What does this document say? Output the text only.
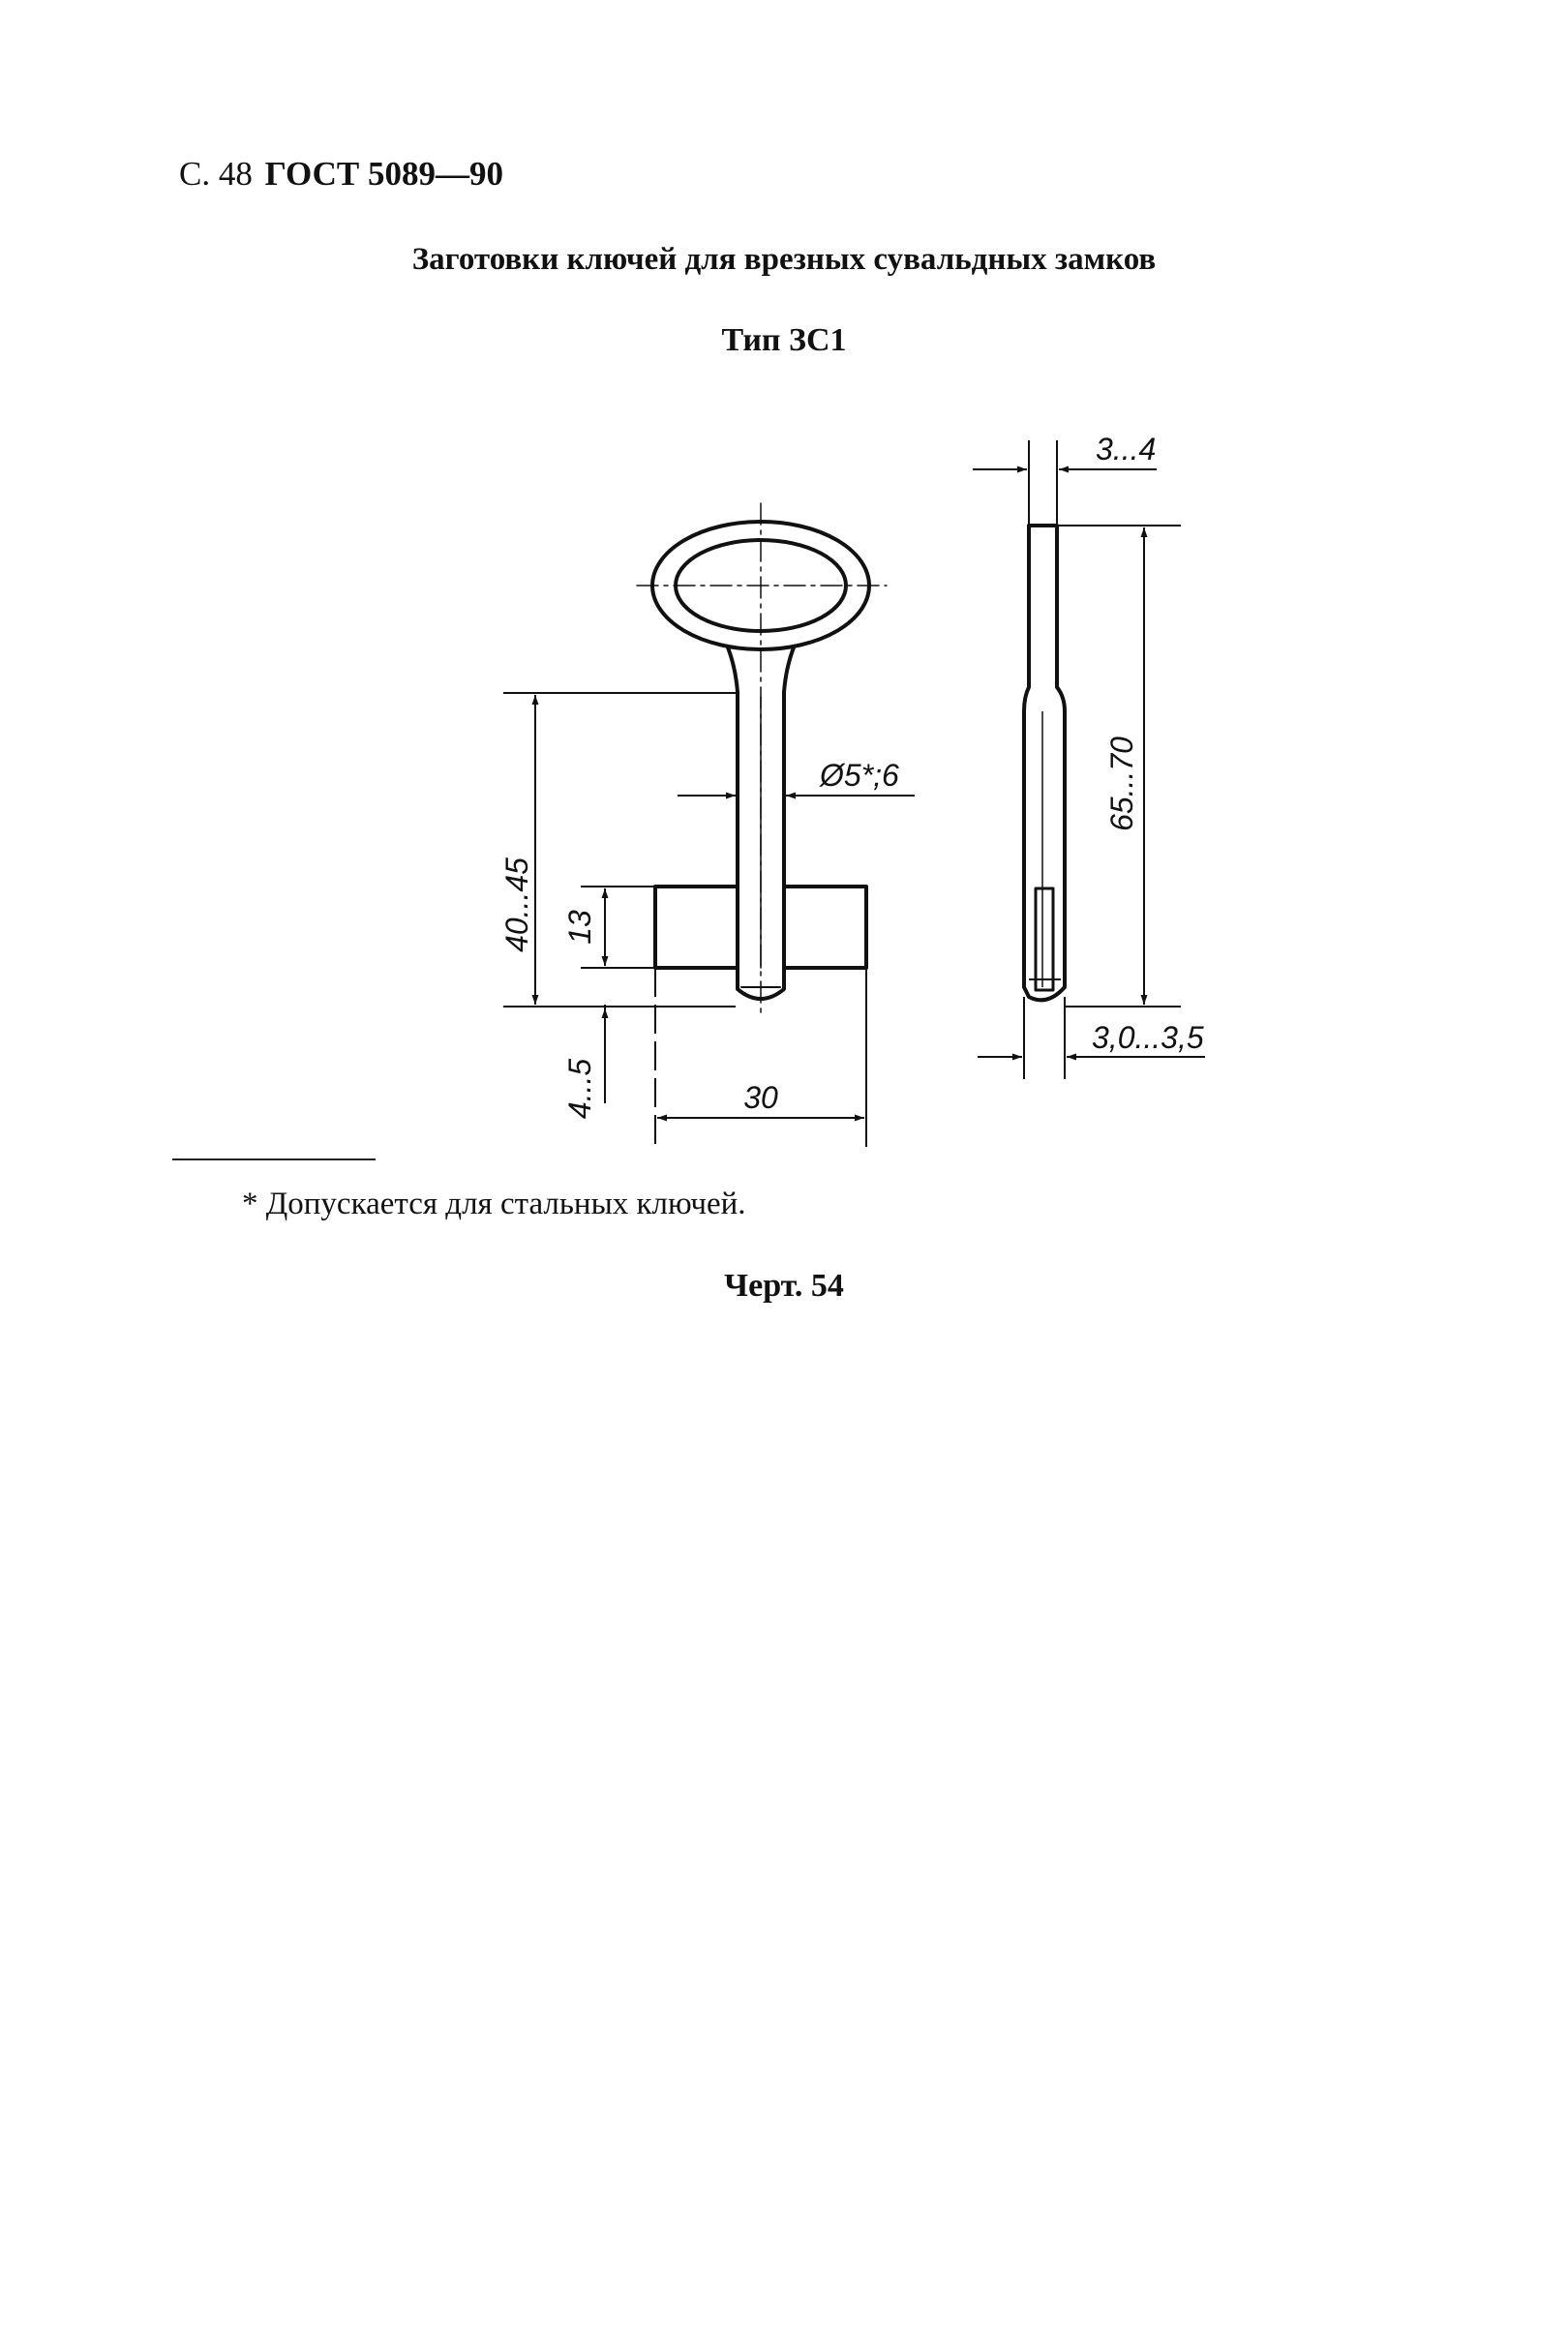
С. 48 ГОСТ 5089—90
Заготовки ключей для врезных сувальдных замков
Тип ЗС1
40...45 13
4...5	30
Ø5*;6
3...4
65...70
3,0...3,5
* Допускается для стальных ключей.
Черт. 54
